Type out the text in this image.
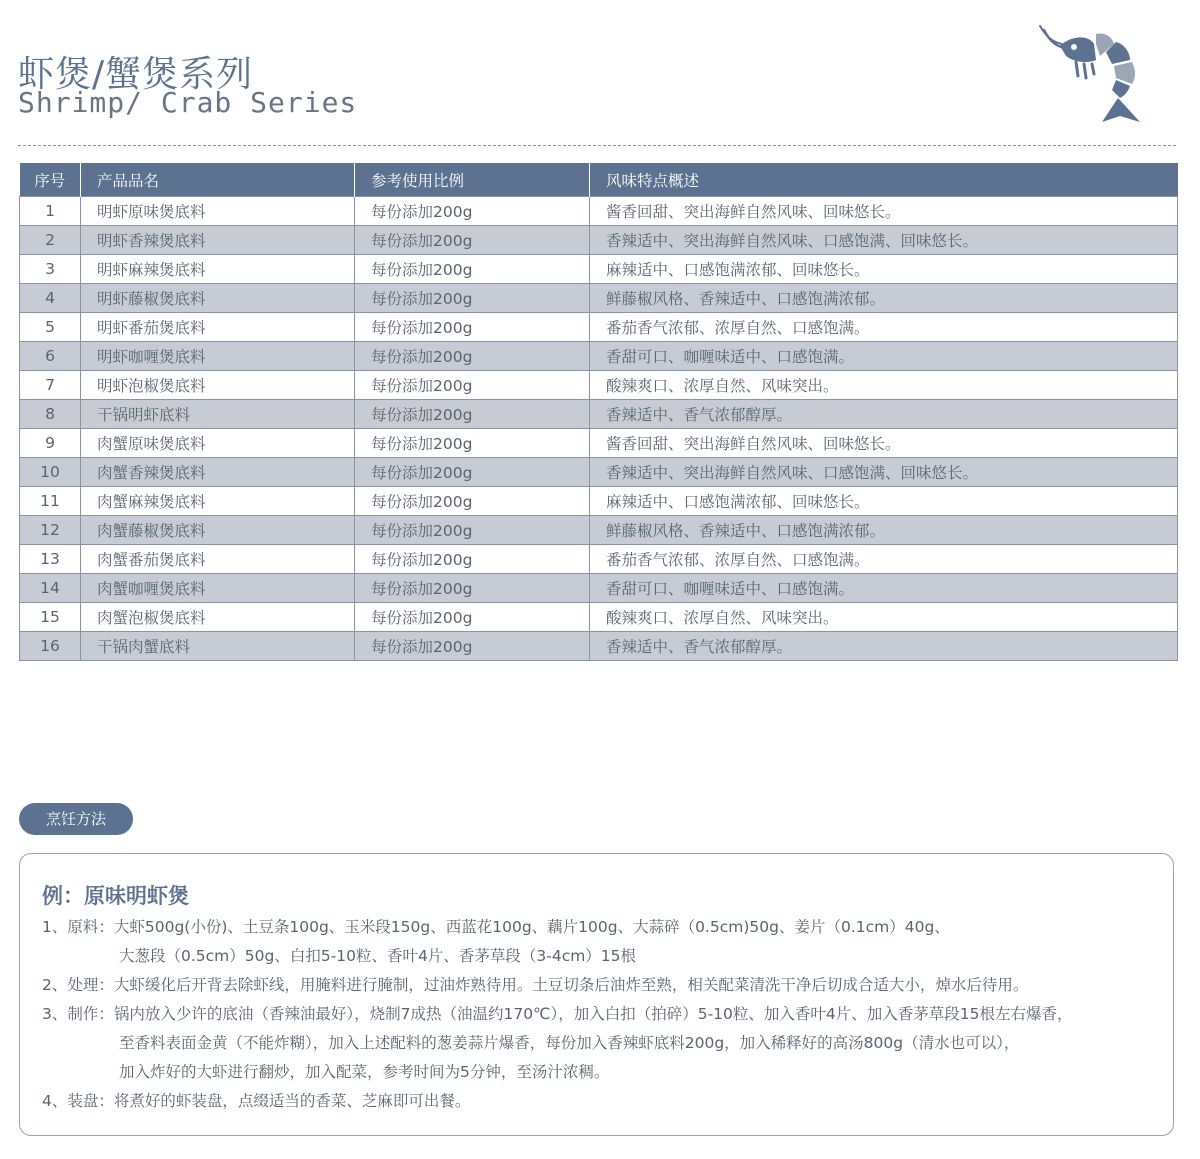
虾煲/蟹煲系列
Shrimp/ Crab Series
序号	产品品名	参考使用比例	风味特点概述
1	明虾原味煲底料	每份添加200g	酱香回甜、突出海鲜自然风味、回味悠长。
2	明虾香辣煲底料	每份添加200g	香辣适中、突出海鲜自然风味、口感饱满、回味悠长。
3	明虾麻辣煲底料	每份添加200g	麻辣适中、口感饱满浓郁、回味悠长。
4	明虾藤椒煲底料	每份添加200g	鲜藤椒风格、香辣适中、口感饱满浓郁。
5	明虾番茄煲底料	每份添加200g	番茄香气浓郁、浓厚自然、口感饱满。
6	明虾咖喱煲底料	每份添加200g	香甜可口、咖喱味适中、口感饱满。
7	明虾泡椒煲底料	每份添加200g	酸辣爽口、浓厚自然、风味突出。
8	干锅明虾底料	每份添加200g	香辣适中、香气浓郁醇厚。
9	肉蟹原味煲底料	每份添加200g	酱香回甜、突出海鲜自然风味、回味悠长。
10	肉蟹香辣煲底料	每份添加200g	香辣适中、突出海鲜自然风味、口感饱满、回味悠长。
11	肉蟹麻辣煲底料	每份添加200g	麻辣适中、口感饱满浓郁、回味悠长。
12	肉蟹藤椒煲底料	每份添加200g	鲜藤椒风格、香辣适中、口感饱满浓郁。
13	肉蟹番茄煲底料	每份添加200g	番茄香气浓郁、浓厚自然、口感饱满。
14	肉蟹咖喱煲底料	每份添加200g	香甜可口、咖喱味适中、口感饱满。
15	肉蟹泡椒煲底料	每份添加200g	酸辣爽口、浓厚自然、风味突出。
16	干锅肉蟹底料	每份添加200g	香辣适中、香气浓郁醇厚。
烹饪方法
例：原味明虾煲
1、原料：大虾500g(小份)、土豆条100g、玉米段150g、西蓝花100g、藕片100g、大蒜碎（0.5cm)50g、姜片（0.1cm）40g、
大葱段（0.5cm）50g、白扣5-10粒、香叶4片、香茅草段（3-4cm）15根
2、处理：大虾缓化后开背去除虾线，用腌料进行腌制，过油炸熟待用。土豆切条后油炸至熟，相关配菜清洗干净后切成合适大小，焯水后待用。
3、制作：锅内放入少许的底油（香辣油最好），烧制7成热（油温约170℃），加入白扣（拍碎）5-10粒、加入香叶4片、加入香茅草段15根左右爆香，
至香料表面金黄（不能炸糊），加入上述配料的葱姜蒜片爆香，每份加入香辣虾底料200g，加入稀释好的高汤800g（清水也可以），
加入炸好的大虾进行翻炒，加入配菜，参考时间为5分钟，至汤汁浓稠。
4、装盘：将煮好的虾装盘，点缀适当的香菜、芝麻即可出餐。
